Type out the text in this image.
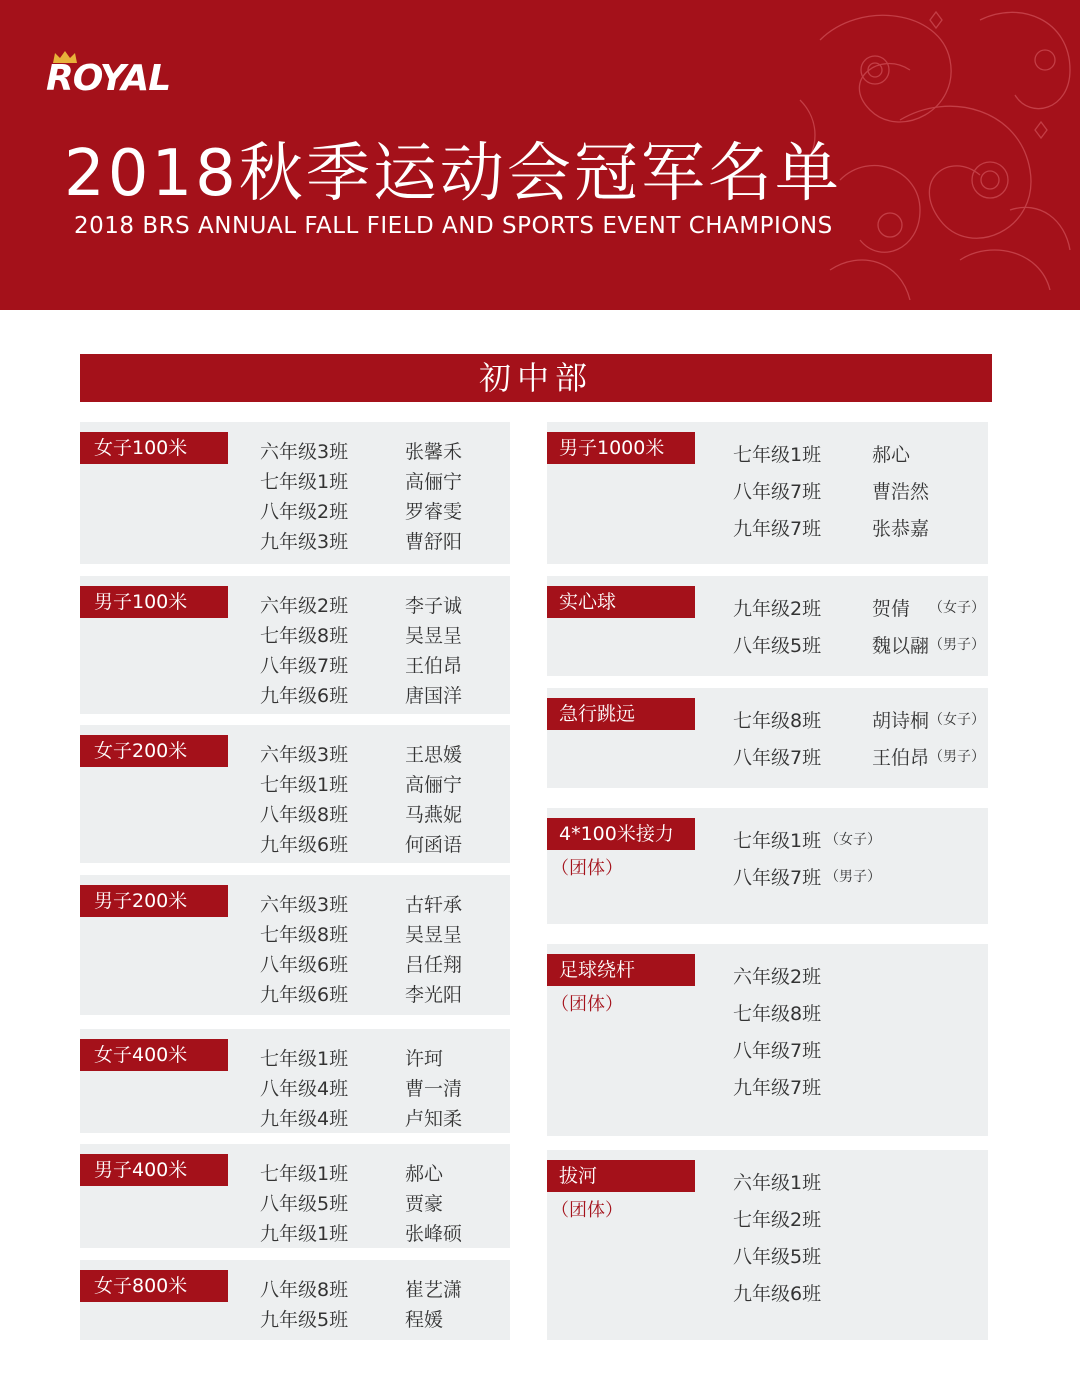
ROYAL
2018秋季运动会冠军名单
2018 BRS ANNUAL FALL FIELD AND SPORTS EVENT CHAMPIONS
初中部
女子100米	六年级3班	张馨禾
七年级1班	高俪宁
八年级2班	罗睿雯
九年级3班	曹舒阳
男子100米	六年级2班	李子诚
七年级8班	吴昱呈
八年级7班	王伯昂
九年级6班	唐国洋
女子200米	六年级3班	王思媛
七年级1班	高俪宁
八年级8班	马燕妮
九年级6班	何函语
男子200米	六年级3班	古轩承
七年级8班	吴昱呈
八年级6班	吕任翔
九年级6班	李光阳
女子400米	七年级1班	许珂
八年级4班	曹一清
九年级4班	卢知柔
男子400米	七年级1班	郝心
八年级5班	贾豪
九年级1班	张峰硕
女子800米	八年级8班	崔艺潇
九年级5班	程媛
男子1000米	七年级1班	郝心
八年级7班	曹浩然
九年级7班	张恭嘉
实心球	九年级2班	贺倩 （女子）
八年级5班	魏以翮 （男子）
急行跳远	七年级8班	胡诗桐 （女子）
八年级7班	王伯昂 （男子）
4*100米接力
（团体）
七年级1班 （女子）
八年级7班 （男子）
足球绕杆
（团体）
六年级2班
七年级8班
八年级7班
九年级7班
拔河
（团体）
六年级1班
七年级2班
八年级5班
九年级6班
